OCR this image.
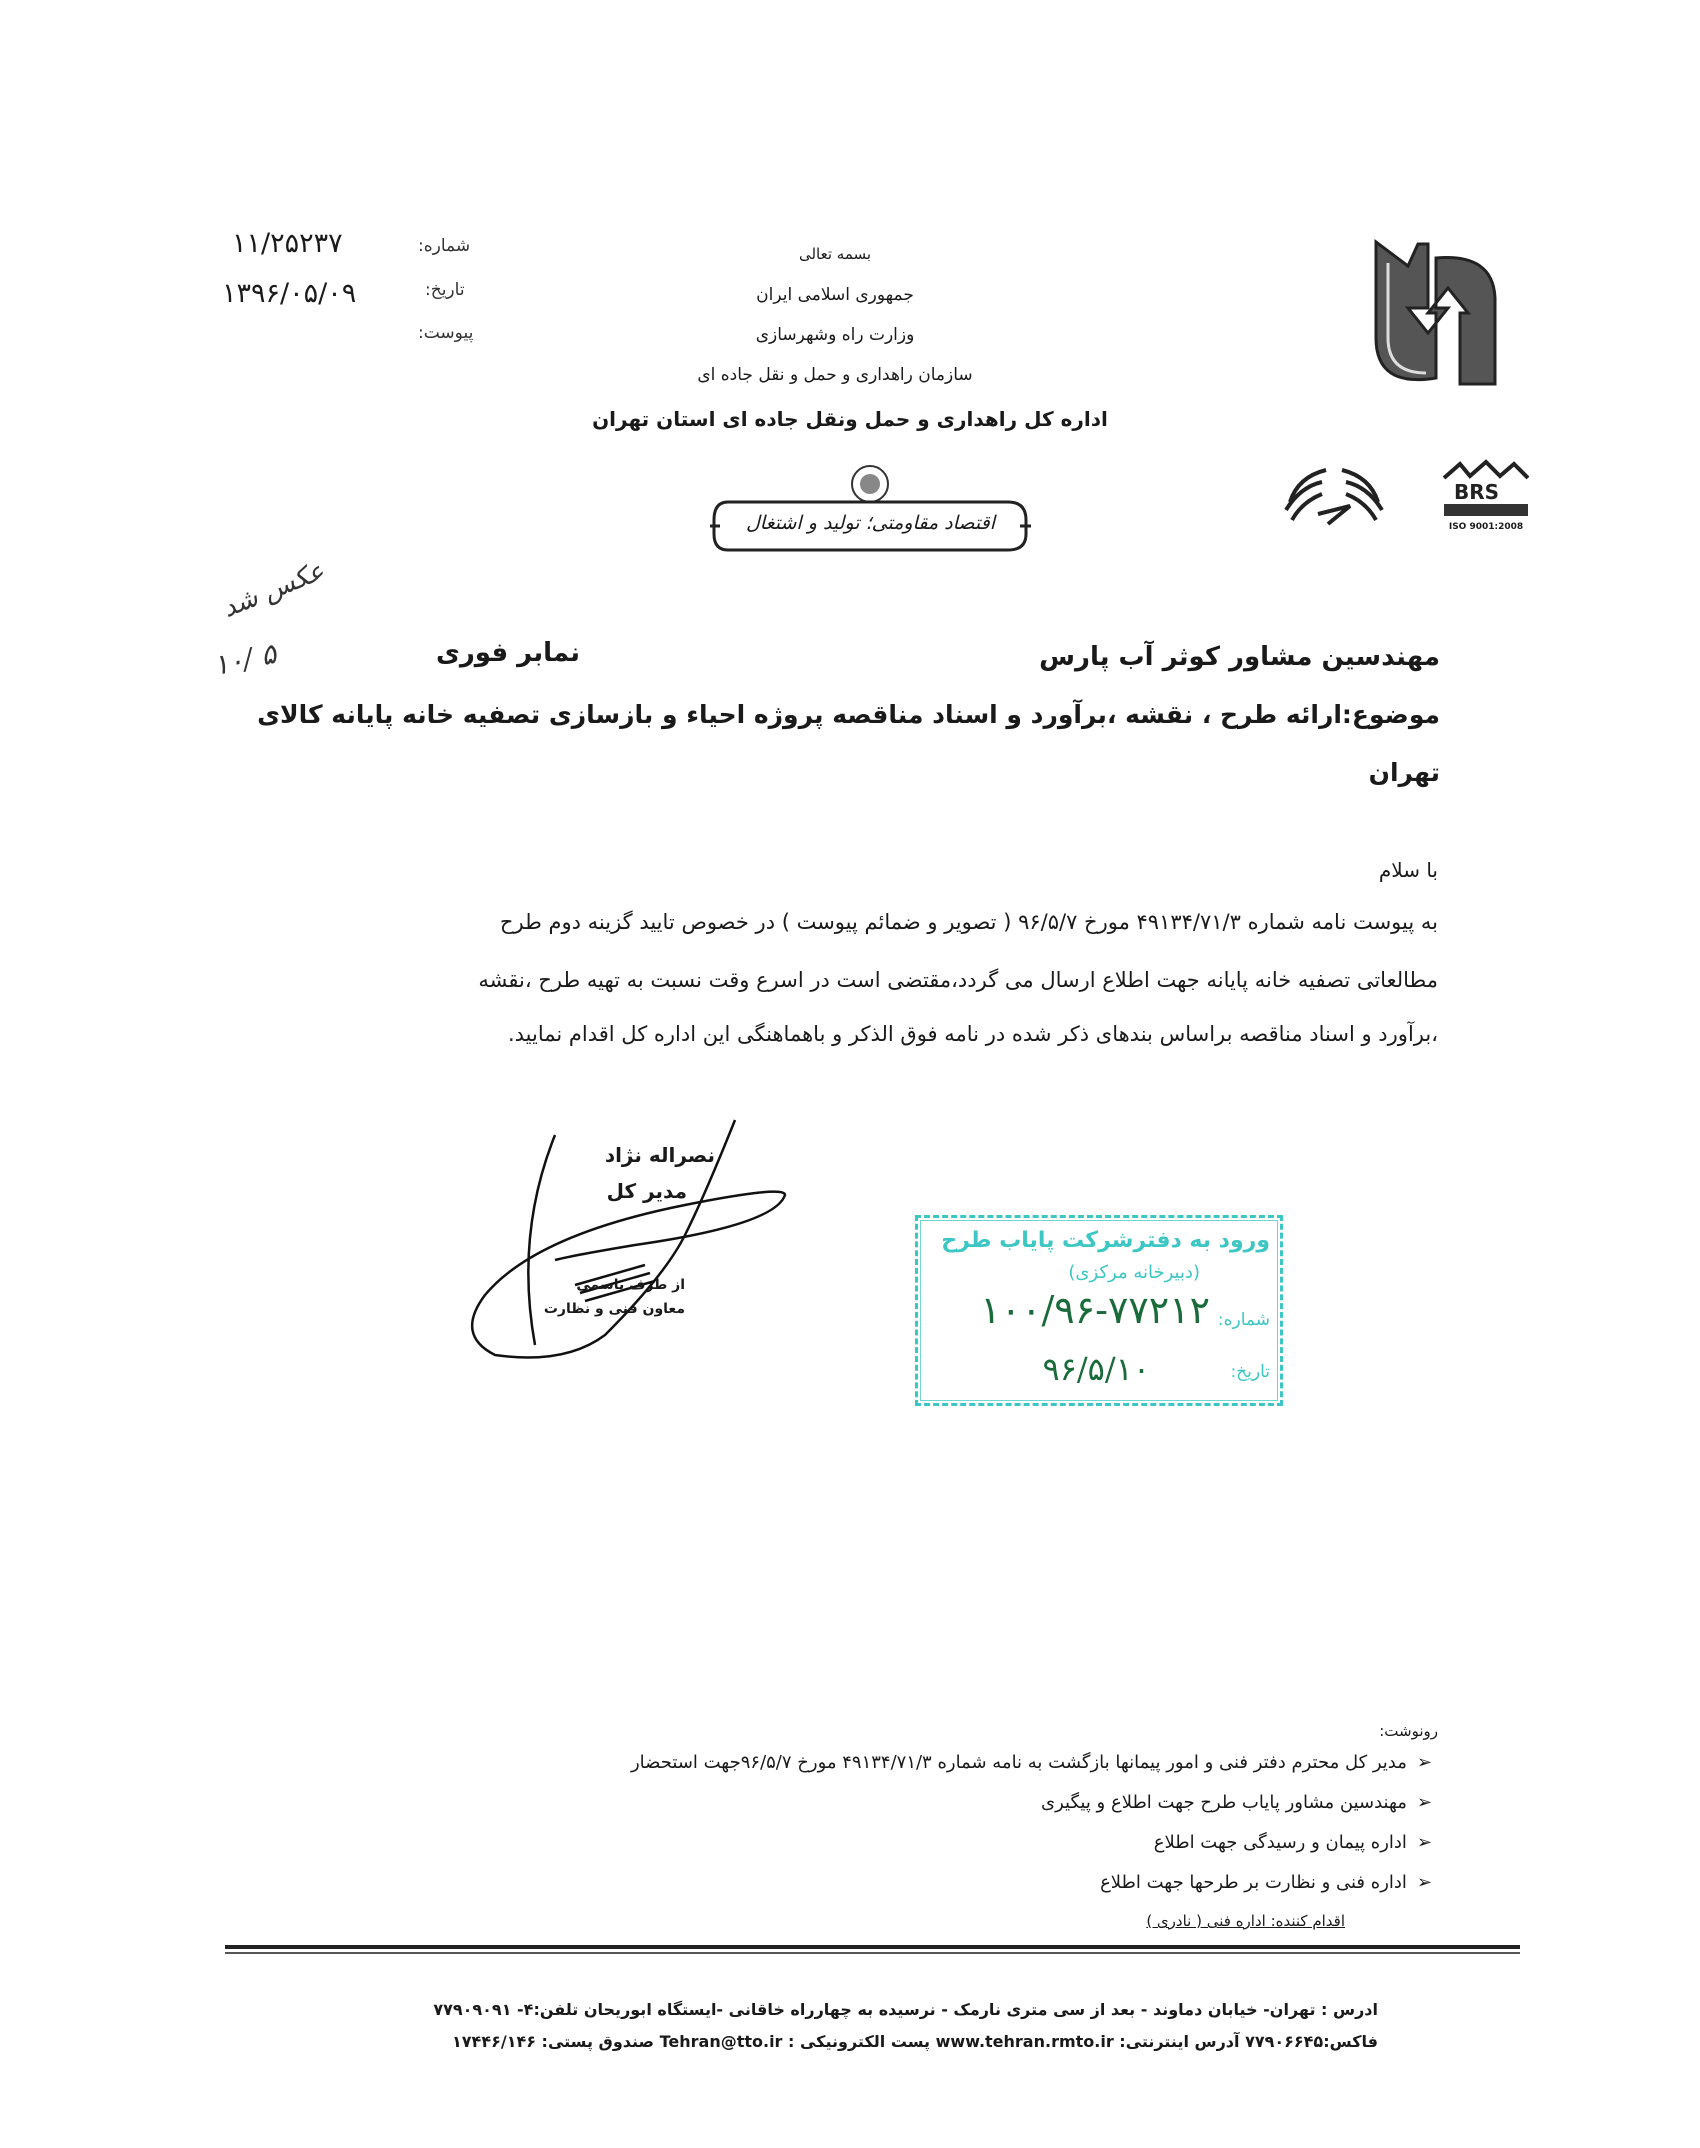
شماره:
۱۱/۲۵۲۳۷
تاریخ:
۱۳۹۶/۰۵/۰۹
پیوست:
بسمه تعالی
جمهوری اسلامی ایران
وزارت راه وشهرسازی
سازمان راهداری و حمل و نقل جاده ای
اداره کل راهداری و حمل ونقل جاده ای استان تهران
اقتصاد مقاومتی؛ تولید و اشتغال
BRS
ISO 9001:2008
عکس شد
۱۰/ ۵	مهندسین مشاور کوثر آب پارس
نمابر فوری
موضوع:ارائه طرح ، نقشه ،برآورد و اسناد مناقصه پروژه احیاء و بازسازی تصفیه خانه پایانه کالای
تهران
با سلام
به پیوست نامه شماره ۴۹۱۳۴/۷۱/۳ مورخ ۹۶/۵/۷ ( تصویر و ضمائم پیوست ) در خصوص تایید گزینه دوم طرح
مطالعاتی تصفیه خانه پایانه جهت اطلاع ارسال می گردد،مقتضی است در اسرع وقت نسبت به تهیه طرح ،نقشه
،برآورد و اسناد مناقصه براساس بندهای ذکر شده در نامه فوق الذکر و باهماهنگی این اداره کل اقدام نمایید.
نصراله نژاد
مدیر کل
از طرف باسمی
معاون فنی و نظارت
ورود به دفترشرکت پایاب طرح
(دبیرخانه مرکزی)
شماره:
۱۰۰/۹۶-۷۷۲۱۲
تاریخ:
۹۶/۵/۱۰
رونوشت:
➢
مدیر کل محترم دفتر فنی و امور پیمانها بازگشت به نامه شماره ۴۹۱۳۴/۷۱/۳ مورخ ۹۶/۵/۷جهت استحضار
➢
مهندسین مشاور پایاب طرح جهت اطلاع و پیگیری
➢
اداره پیمان و رسیدگی جهت اطلاع
➢
اداره فنی و نظارت بر طرحها جهت اطلاع
اقدام کننده: اداره فنی ( نادری )
ادرس : تهران- خیابان دماوند - بعد از سی متری نارمک - نرسیده به چهارراه خاقانی -ایستگاه ابوریحان تلفن:۴- ۷۷۹۰۹۰۹۱
فاکس:۷۷۹۰۶۶۴۵ آدرس اینترنتی: www.tehran.rmto.ir پست الکترونیکی : Tehran@tto.ir صندوق پستی: ۱۷۴۴۶/۱۴۶
